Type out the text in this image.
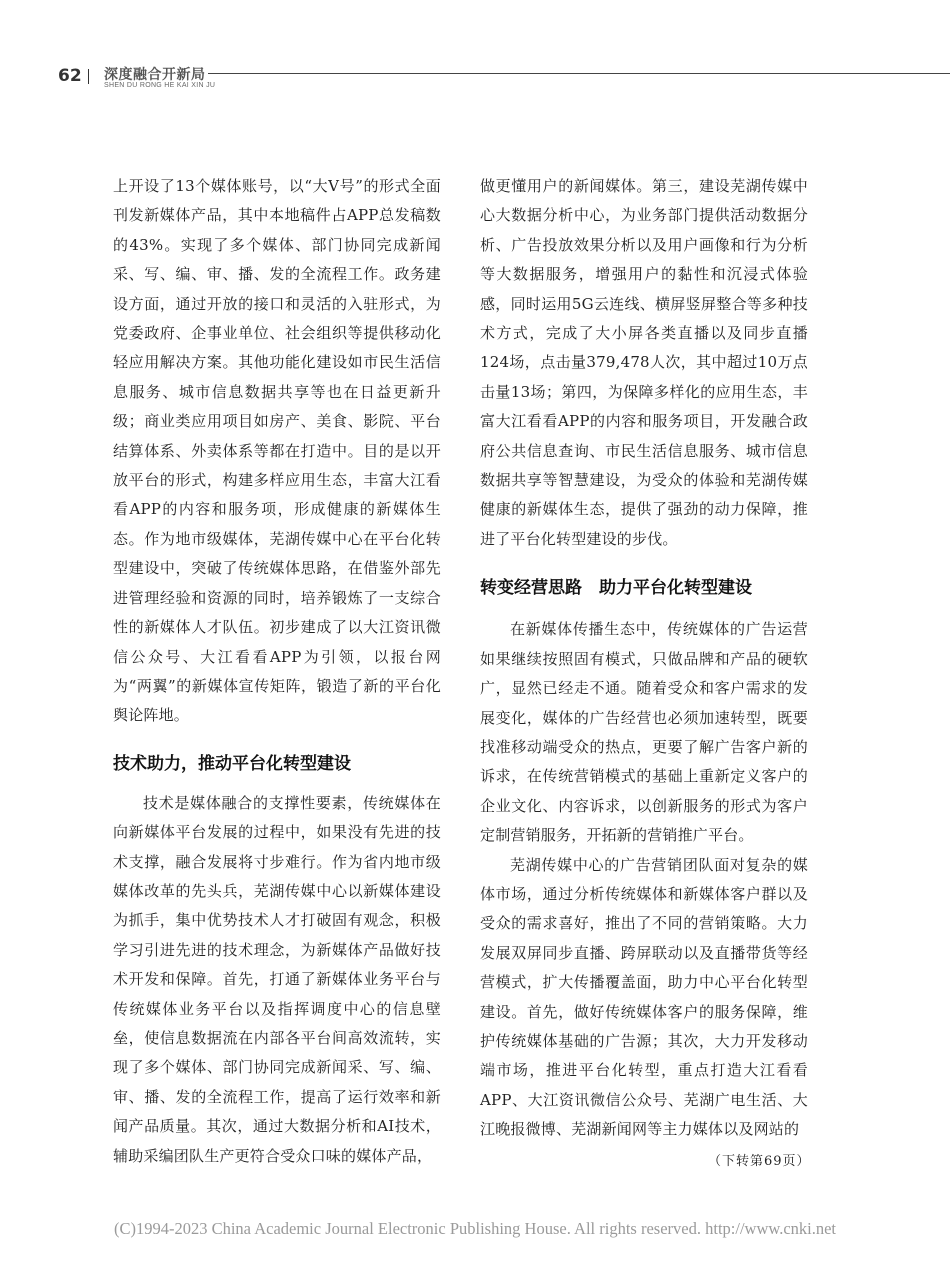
62 深度融合开新局
SHEN DU RONG HE KAI XIN JU

上开设了13个媒体账号，以“大V号”的形式全面刊发新媒体产品，其中本地稿件占APP总发稿数的43%。实现了多个媒体、部门协同完成新闻采、写、编、审、播、发的全流程工作。政务建设方面，通过开放的接口和灵活的入驻形式，为党委政府、企事业单位、社会组织等提供移动化轻应用解决方案。其他功能化建设如市民生活信息服务、城市信息数据共享等也在日益更新升级；商业类应用项目如房产、美食、影院、平台结算体系、外卖体系等都在打造中。目的是以开放平台的形式，构建多样应用生态，丰富大江看看APP的内容和服务项，形成健康的新媒体生态。作为地市级媒体，芜湖传媒中心在平台化转型建设中，突破了传统媒体思路，在借鉴外部先进管理经验和资源的同时，培养锻炼了一支综合性的新媒体人才队伍。初步建成了以大江资讯微信公众号、大江看看APP为引领，以报台网为“两翼”的新媒体宣传矩阵，锻造了新的平台化舆论阵地。

技术助力，推动平台化转型建设

技术是媒体融合的支撑性要素，传统媒体在向新媒体平台发展的过程中，如果没有先进的技术支撑，融合发展将寸步难行。作为省内地市级媒体改革的先头兵，芜湖传媒中心以新媒体建设为抓手，集中优势技术人才打破固有观念，积极学习引进先进的技术理念，为新媒体产品做好技术开发和保障。首先，打通了新媒体业务平台与传统媒体业务平台以及指挥调度中心的信息壁垒，使信息数据流在内部各平台间高效流转，实现了多个媒体、部门协同完成新闻采、写、编、审、播、发的全流程工作，提高了运行效率和新闻产品质量。其次，通过大数据分析和AI技术，辅助采编团队生产更符合受众口味的媒体产品，

做更懂用户的新闻媒体。第三，建设芜湖传媒中心大数据分析中心，为业务部门提供活动数据分析、广告投放效果分析以及用户画像和行为分析等大数据服务，增强用户的黏性和沉浸式体验感，同时运用5G云连线、横屏竖屏整合等多种技术方式，完成了大小屏各类直播以及同步直播124场，点击量379,478人次，其中超过10万点击量13场；第四，为保障多样化的应用生态，丰富大江看看APP的内容和服务项目，开发融合政府公共信息查询、市民生活信息服务、城市信息数据共享等智慧建设，为受众的体验和芜湖传媒健康的新媒体生态，提供了强劲的动力保障，推进了平台化转型建设的步伐。

转变经营思路　助力平台化转型建设

在新媒体传播生态中，传统媒体的广告运营如果继续按照固有模式，只做品牌和产品的硬软广，显然已经走不通。随着受众和客户需求的发展变化，媒体的广告经营也必须加速转型，既要找准移动端受众的热点，更要了解广告客户新的诉求，在传统营销模式的基础上重新定义客户的企业文化、内容诉求，以创新服务的形式为客户定制营销服务，开拓新的营销推广平台。

芜湖传媒中心的广告营销团队面对复杂的媒体市场，通过分析传统媒体和新媒体客户群以及受众的需求喜好，推出了不同的营销策略。大力发展双屏同步直播、跨屏联动以及直播带货等经营模式，扩大传播覆盖面，助力中心平台化转型建设。首先，做好传统媒体客户的服务保障，维护传统媒体基础的广告源；其次，大力开发移动端市场，推进平台化转型，重点打造大江看看APP、大江资讯微信公众号、芜湖广电生活、大江晚报微博、芜湖新闻网等主力媒体以及网站的

（下转第69页）
(C)1994-2023 China Academic Journal Electronic Publishing House. All rights reserved. http://www.cnki.net
